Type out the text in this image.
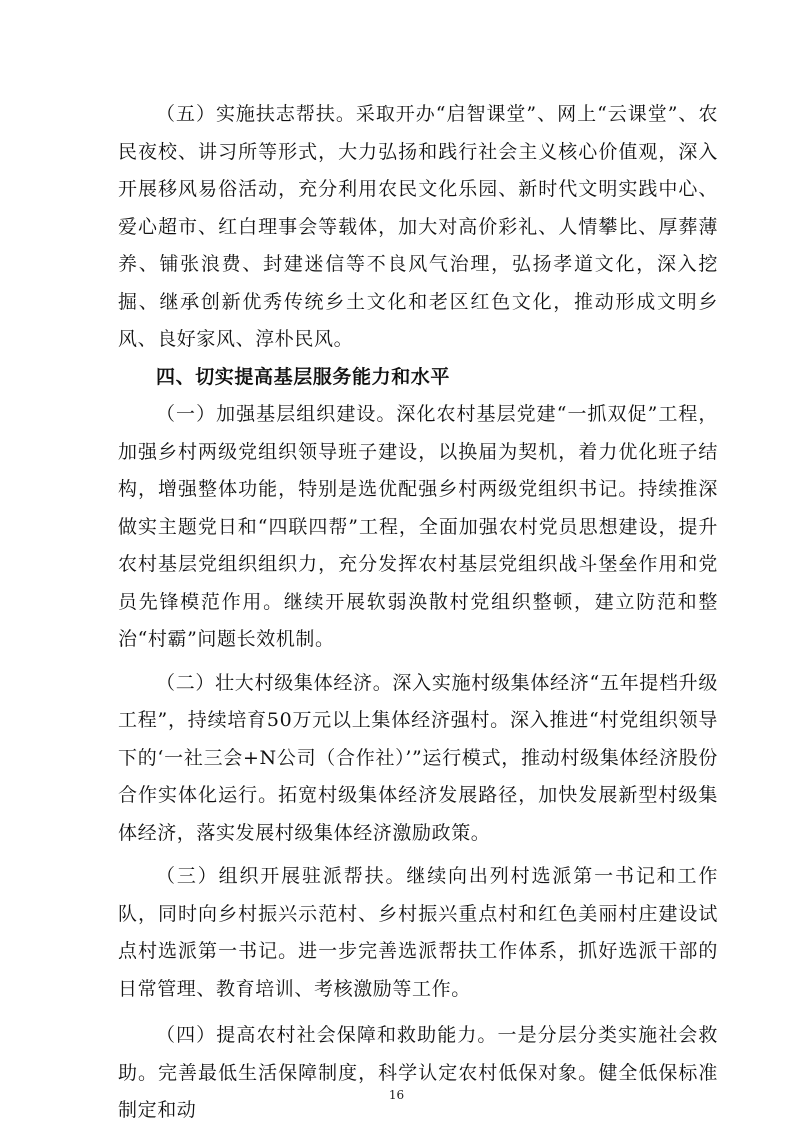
（五）实施扶志帮扶。采取开办“启智课堂”、网上“云课堂”、农民夜校、讲习所等形式，大力弘扬和践行社会主义核心价值观，深入开展移风易俗活动，充分利用农民文化乐园、新时代文明实践中心、爱心超市、红白理事会等载体，加大对高价彩礼、人情攀比、厚葬薄养、铺张浪费、封建迷信等不良风气治理，弘扬孝道文化，深入挖掘、继承创新优秀传统乡土文化和老区红色文化，推动形成文明乡风、良好家风、淳朴民风。

四、切实提高基层服务能力和水平

（一）加强基层组织建设。深化农村基层党建“一抓双促”工程，加强乡村两级党组织领导班子建设，以换届为契机，着力优化班子结构，增强整体功能，特别是选优配强乡村两级党组织书记。持续推深做实主题党日和“四联四帮”工程，全面加强农村党员思想建设，提升农村基层党组织组织力，充分发挥农村基层党组织战斗堡垒作用和党员先锋模范作用。继续开展软弱涣散村党组织整顿，建立防范和整治“村霸”问题长效机制。

（二）壮大村级集体经济。深入实施村级集体经济“五年提档升级工程”，持续培育50万元以上集体经济强村。深入推进“村党组织领导下的‘一社三会+N公司（合作社）’”运行模式，推动村级集体经济股份合作实体化运行。拓宽村级集体经济发展路径，加快发展新型村级集体经济，落实发展村级集体经济激励政策。

（三）组织开展驻派帮扶。继续向出列村选派第一书记和工作队，同时向乡村振兴示范村、乡村振兴重点村和红色美丽村庄建设试点村选派第一书记。进一步完善选派帮扶工作体系，抓好选派干部的日常管理、教育培训、考核激励等工作。

（四）提高农村社会保障和救助能力。一是分层分类实施社会救助。完善最低生活保障制度，科学认定农村低保对象。健全低保标准制定和动

16
